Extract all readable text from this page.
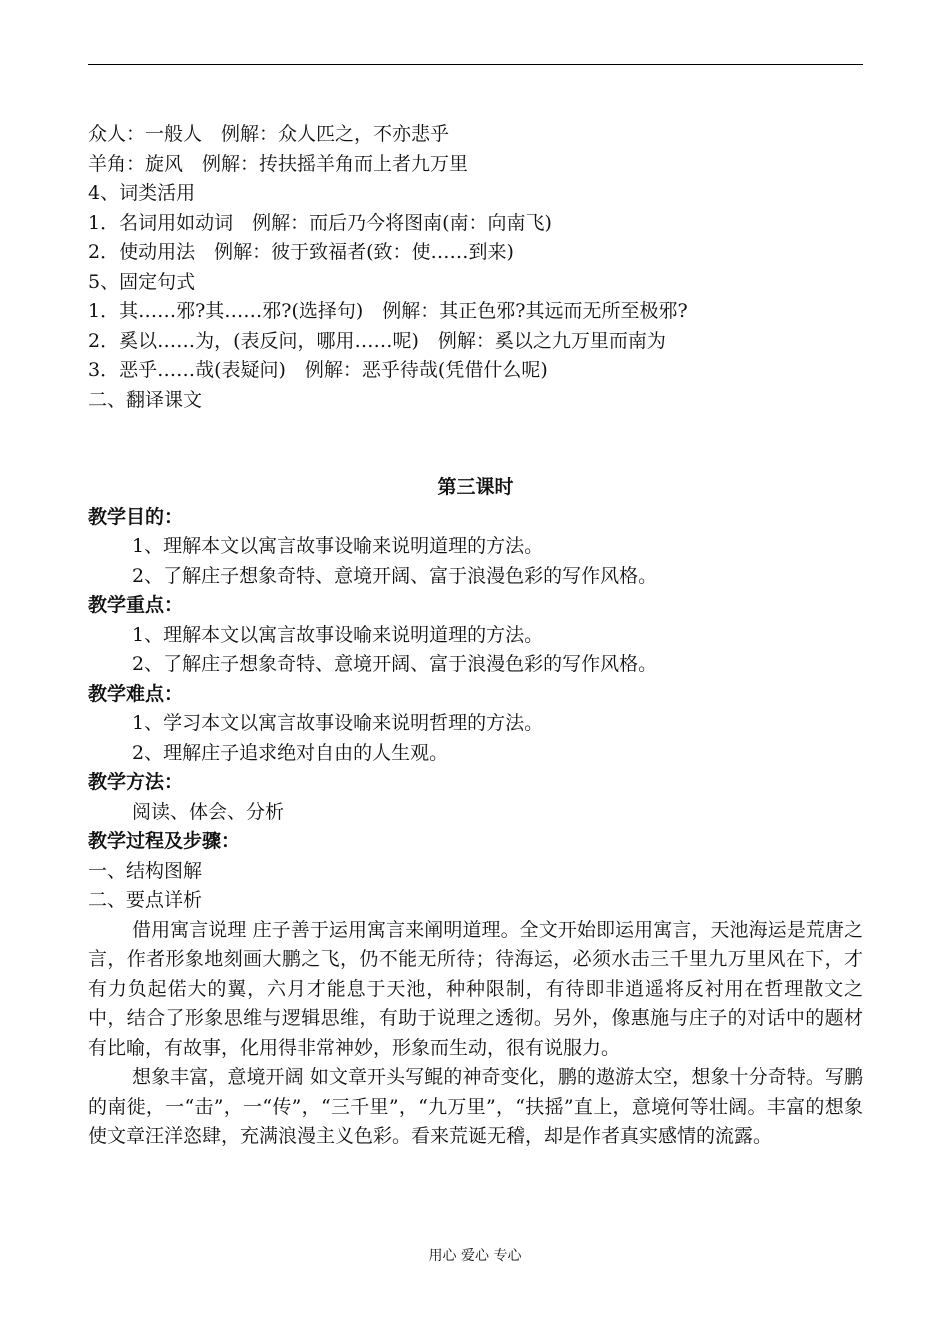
众人：一般人　例解：众人匹之，不亦悲乎
羊角：旋风　例解：抟扶摇羊角而上者九万里
4、词类活用
1．名词用如动词　例解：而后乃今将图南(南：向南飞)
2．使动用法　例解：彼于致福者(致：使……到来)
5、固定句式
1．其……邪?其……邪?(选择句)　例解：其正色邪?其远而无所至极邪?
2．奚以……为，(表反问，哪用……呢)　例解：奚以之九万里而南为
3．恶乎……哉(表疑问)　例解：恶乎待哉(凭借什么呢)
二、翻译课文
第三课时
教学目的：
1、理解本文以寓言故事设喻来说明道理的方法。
2、了解庄子想象奇特、意境开阔、富于浪漫色彩的写作风格。
教学重点：
1、理解本文以寓言故事设喻来说明道理的方法。
2、了解庄子想象奇特、意境开阔、富于浪漫色彩的写作风格。
教学难点：
1、学习本文以寓言故事设喻来说明哲理的方法。
2、理解庄子追求绝对自由的人生观。
教学方法：
阅读、体会、分析
教学过程及步骤：
一、结构图解
二、要点详析

借用寓言说理 庄子善于运用寓言来阐明道理。全文开始即运用寓言，天池海运是荒唐之言，作者形象地刻画大鹏之飞，仍不能无所待；待海运，必须水击三千里九万里风在下，才有力负起偌大的翼，六月才能息于天池，种种限制，有待即非逍遥将反衬用在哲理散文之中，结合了形象思维与逻辑思维，有助于说理之透彻。另外，像惠施与庄子的对话中的题材有比喻，有故事，化用得非常神妙，形象而生动，很有说服力。

想象丰富，意境开阔 如文章开头写鲲的神奇变化，鹏的遨游太空，想象十分奇特。写鹏的南徙，一“击”，一“传”，“三千里”，“九万里”，“扶摇”直上，意境何等壮阔。丰富的想象使文章汪洋恣肆，充满浪漫主义色彩。看来荒诞无稽，却是作者真实感情的流露。

用心 爱心 专心
